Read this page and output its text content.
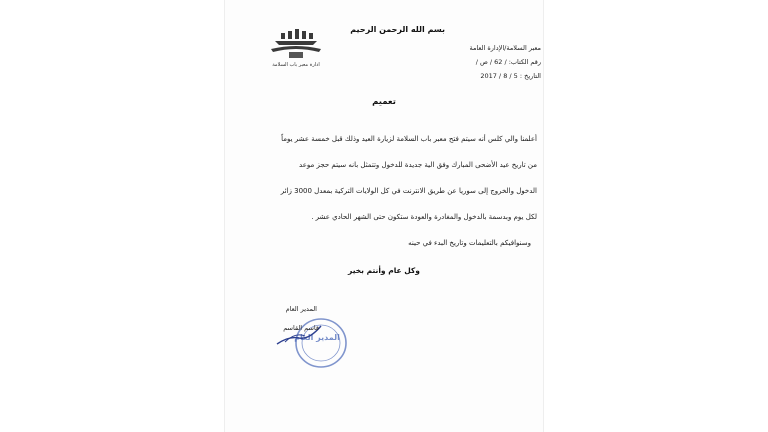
ادارة معبر باب السلامة
بسم الله الرحمن الرحيم
معبر السلامة/الإدارة العامة
رقم الكتاب: / 62 / ص /
التاريخ : 5 / 8 / 2017
تعميم

أعلمنا والي كلس أنه سيتم فتح معبر باب السلامة لزيارة العيد وذلك قبل خمسة عشر يوماً

من تاريخ عيد الأضحى المبارك وفق الية جديدة للدخول وتتمثل بانه سيتم حجز موعد

الدخول والخروج إلى سوريا عن طريق الانترنت في كل الولايات التركية بمعدل 3000 زائر

لكل يوم وبدسمة بالدخول والمغادرة والعودة ستكون حتى الشهر الحادي عشر .

وسنوافيكم بالتعليمات وتاريخ البدء في حينه

وكل عام وأنتم بخير
المدير العام
المدير العام
قاسم القاسم
